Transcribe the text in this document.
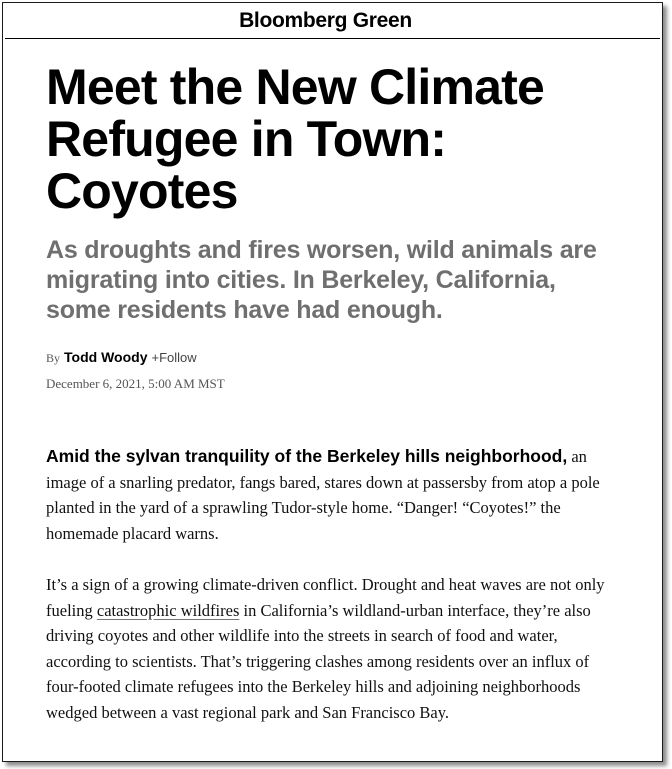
Bloomberg Green
Meet the New Climate Refugee in Town: Coyotes

As droughts and fires worsen, wild animals are migrating into cities. In Berkeley, California, some residents have had enough.

By Todd Woody +Follow
December 6, 2021, 5:00 AM MST
Amid the sylvan tranquility of the Berkeley hills neighborhood, an image of a snarling predator, fangs bared, stares down at passersby from atop a pole planted in the yard of a sprawling Tudor-style home. “Danger! “Coyotes!” the homemade placard warns.
It’s a sign of a growing climate-driven conflict. Drought and heat waves are not only fueling catastrophic wildfires in California’s wildland-urban interface, they’re also driving coyotes and other wildlife into the streets in search of food and water, according to scientists. That’s triggering clashes among residents over an influx of four-footed climate refugees into the Berkeley hills and adjoining neighborhoods wedged between a vast regional park and San Francisco Bay.
